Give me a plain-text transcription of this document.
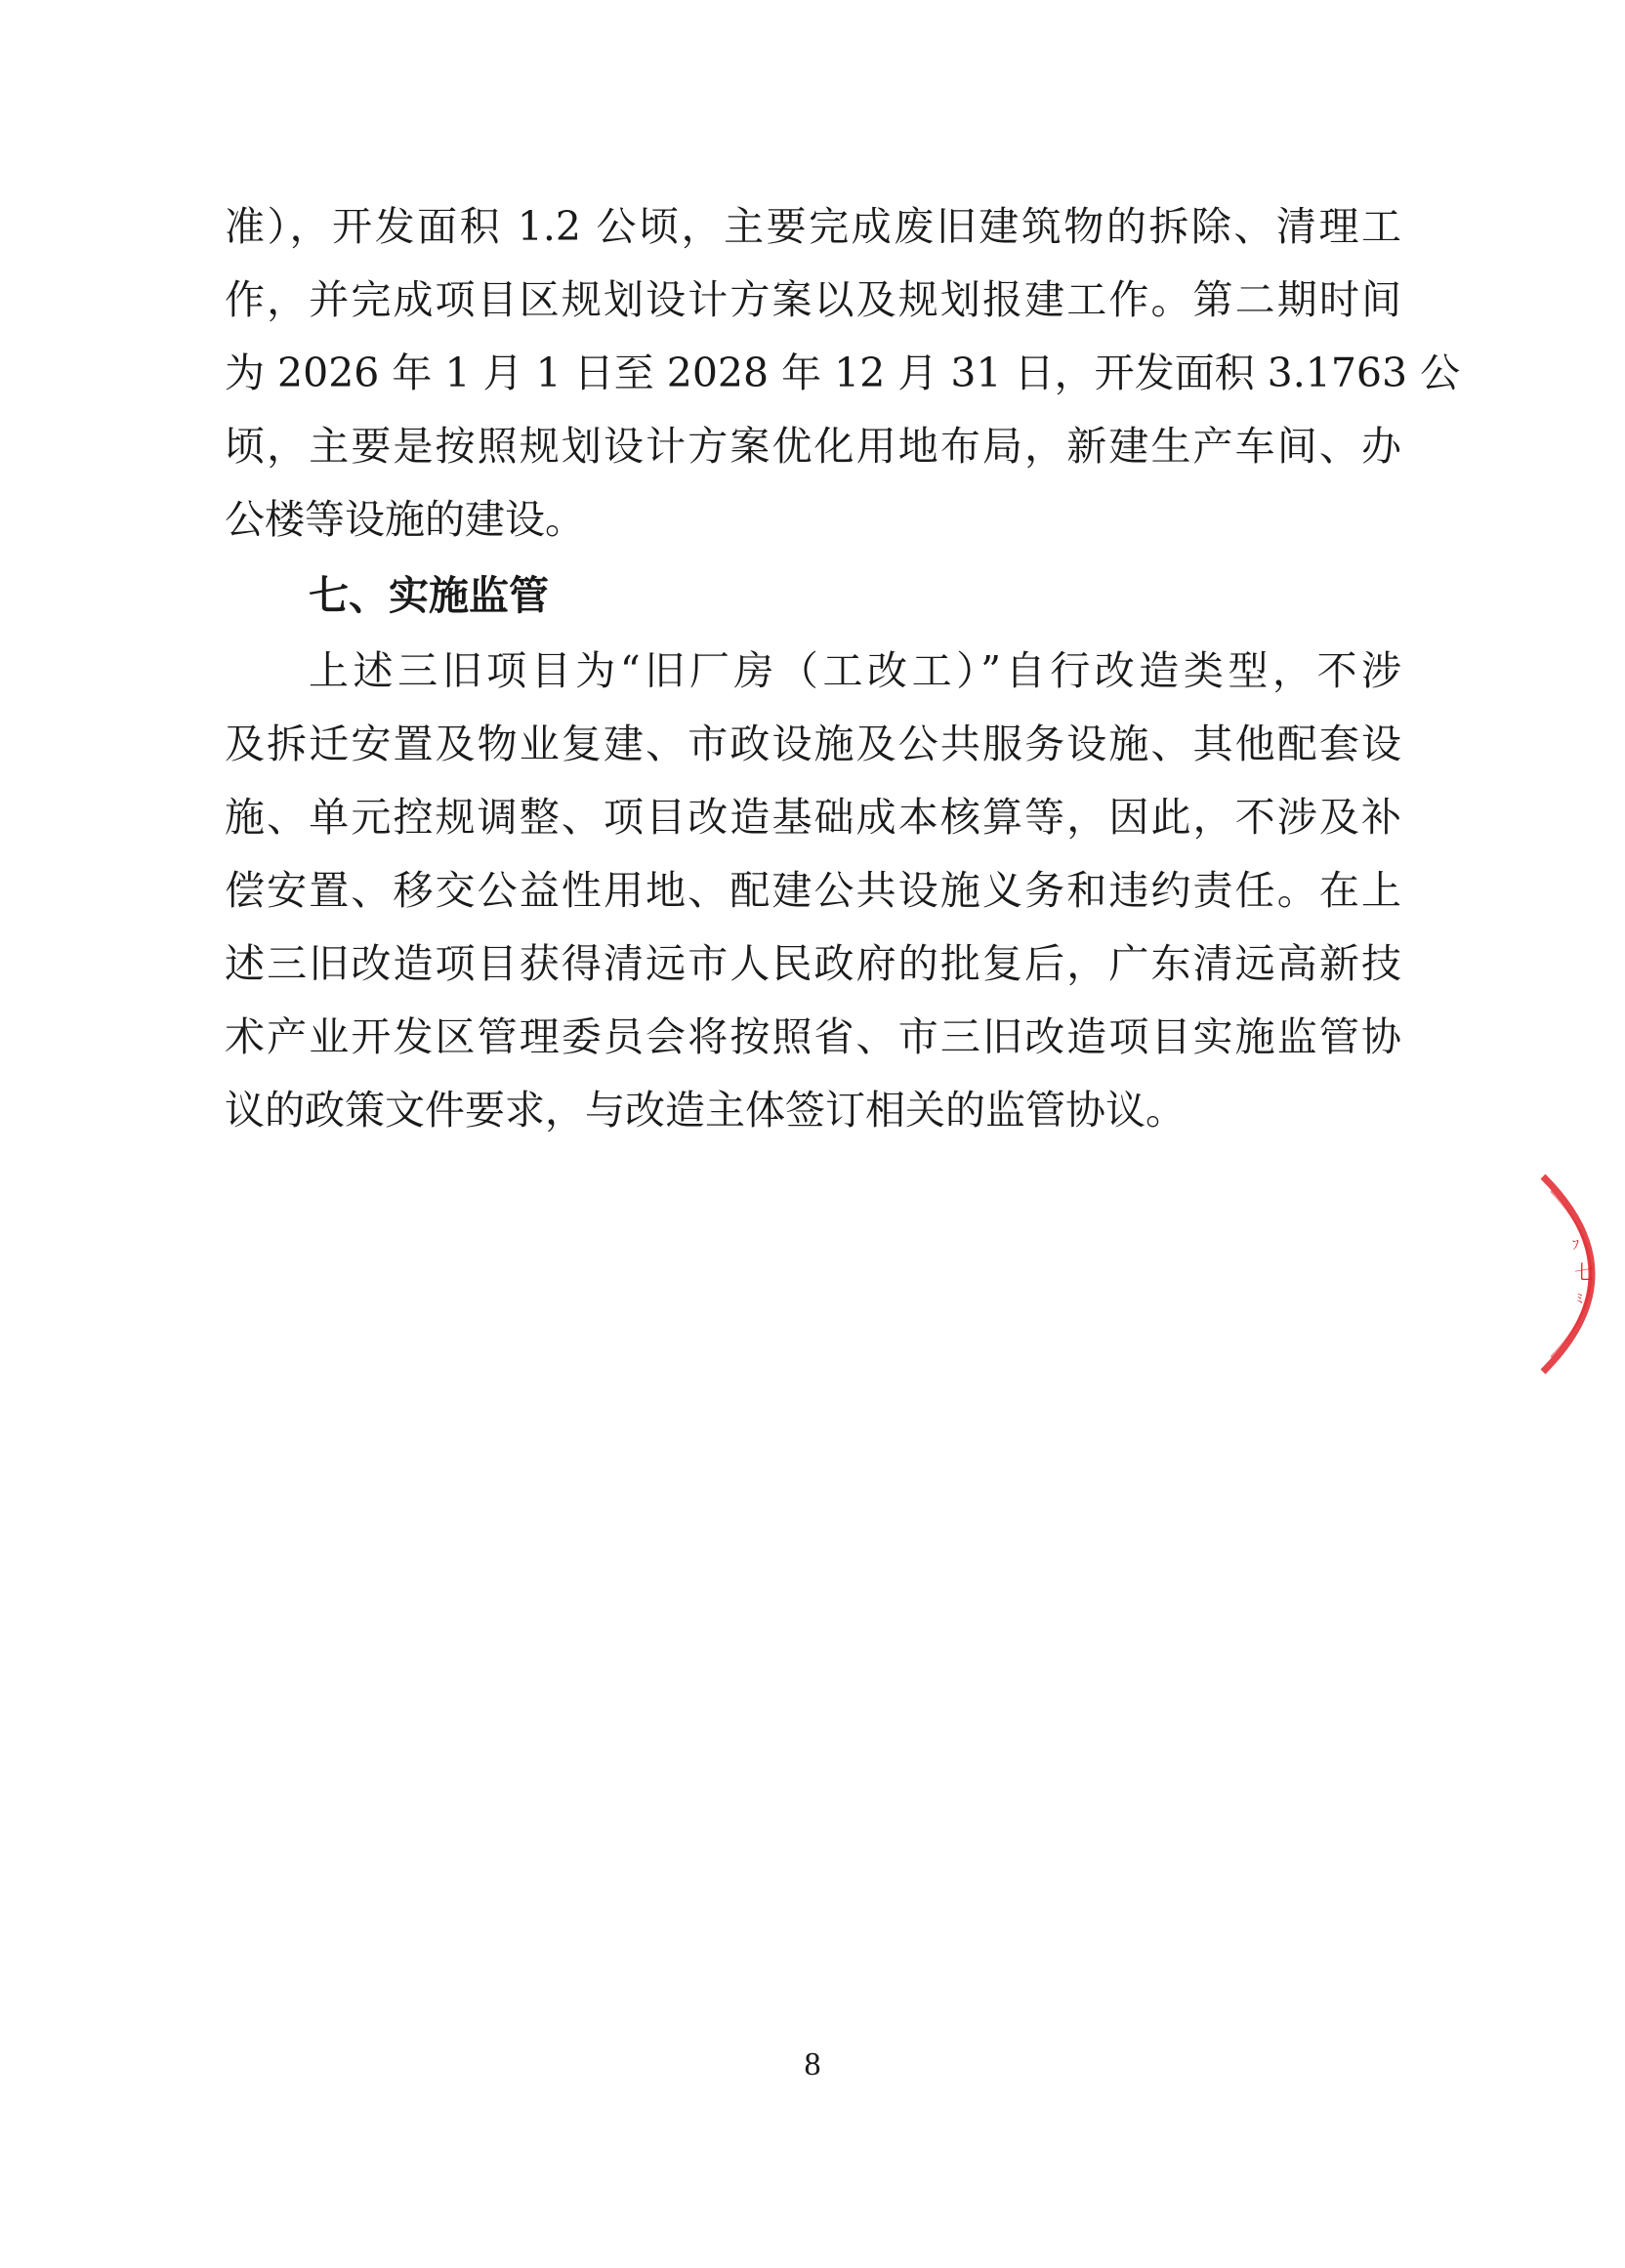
准），开发面积 1.2 公顷，主要完成废旧建筑物的拆除、清理工
作，并完成项目区规划设计方案以及规划报建工作。第二期时间
为 2026 年 1 月 1 日至 2028 年 12 月 31 日，开发面积 3.1763 公
顷，主要是按照规划设计方案优化用地布局，新建生产车间、办
公楼等设施的建设。
七、实施监管
上述三旧项目为“旧厂房（工改工）”自行改造类型，不涉
及拆迁安置及物业复建、市政设施及公共服务设施、其他配套设
施、单元控规调整、项目改造基础成本核算等，因此，不涉及补
偿安置、移交公益性用地、配建公共设施义务和违约责任。在上
述三旧改造项目获得清远市人民政府的批复后，广东清远高新技
术产业开发区管理委员会将按照省、市三旧改造项目实施监管协
议的政策文件要求，与改造主体签订相关的监管协议。
ﾌ
七
ﾐ
8
